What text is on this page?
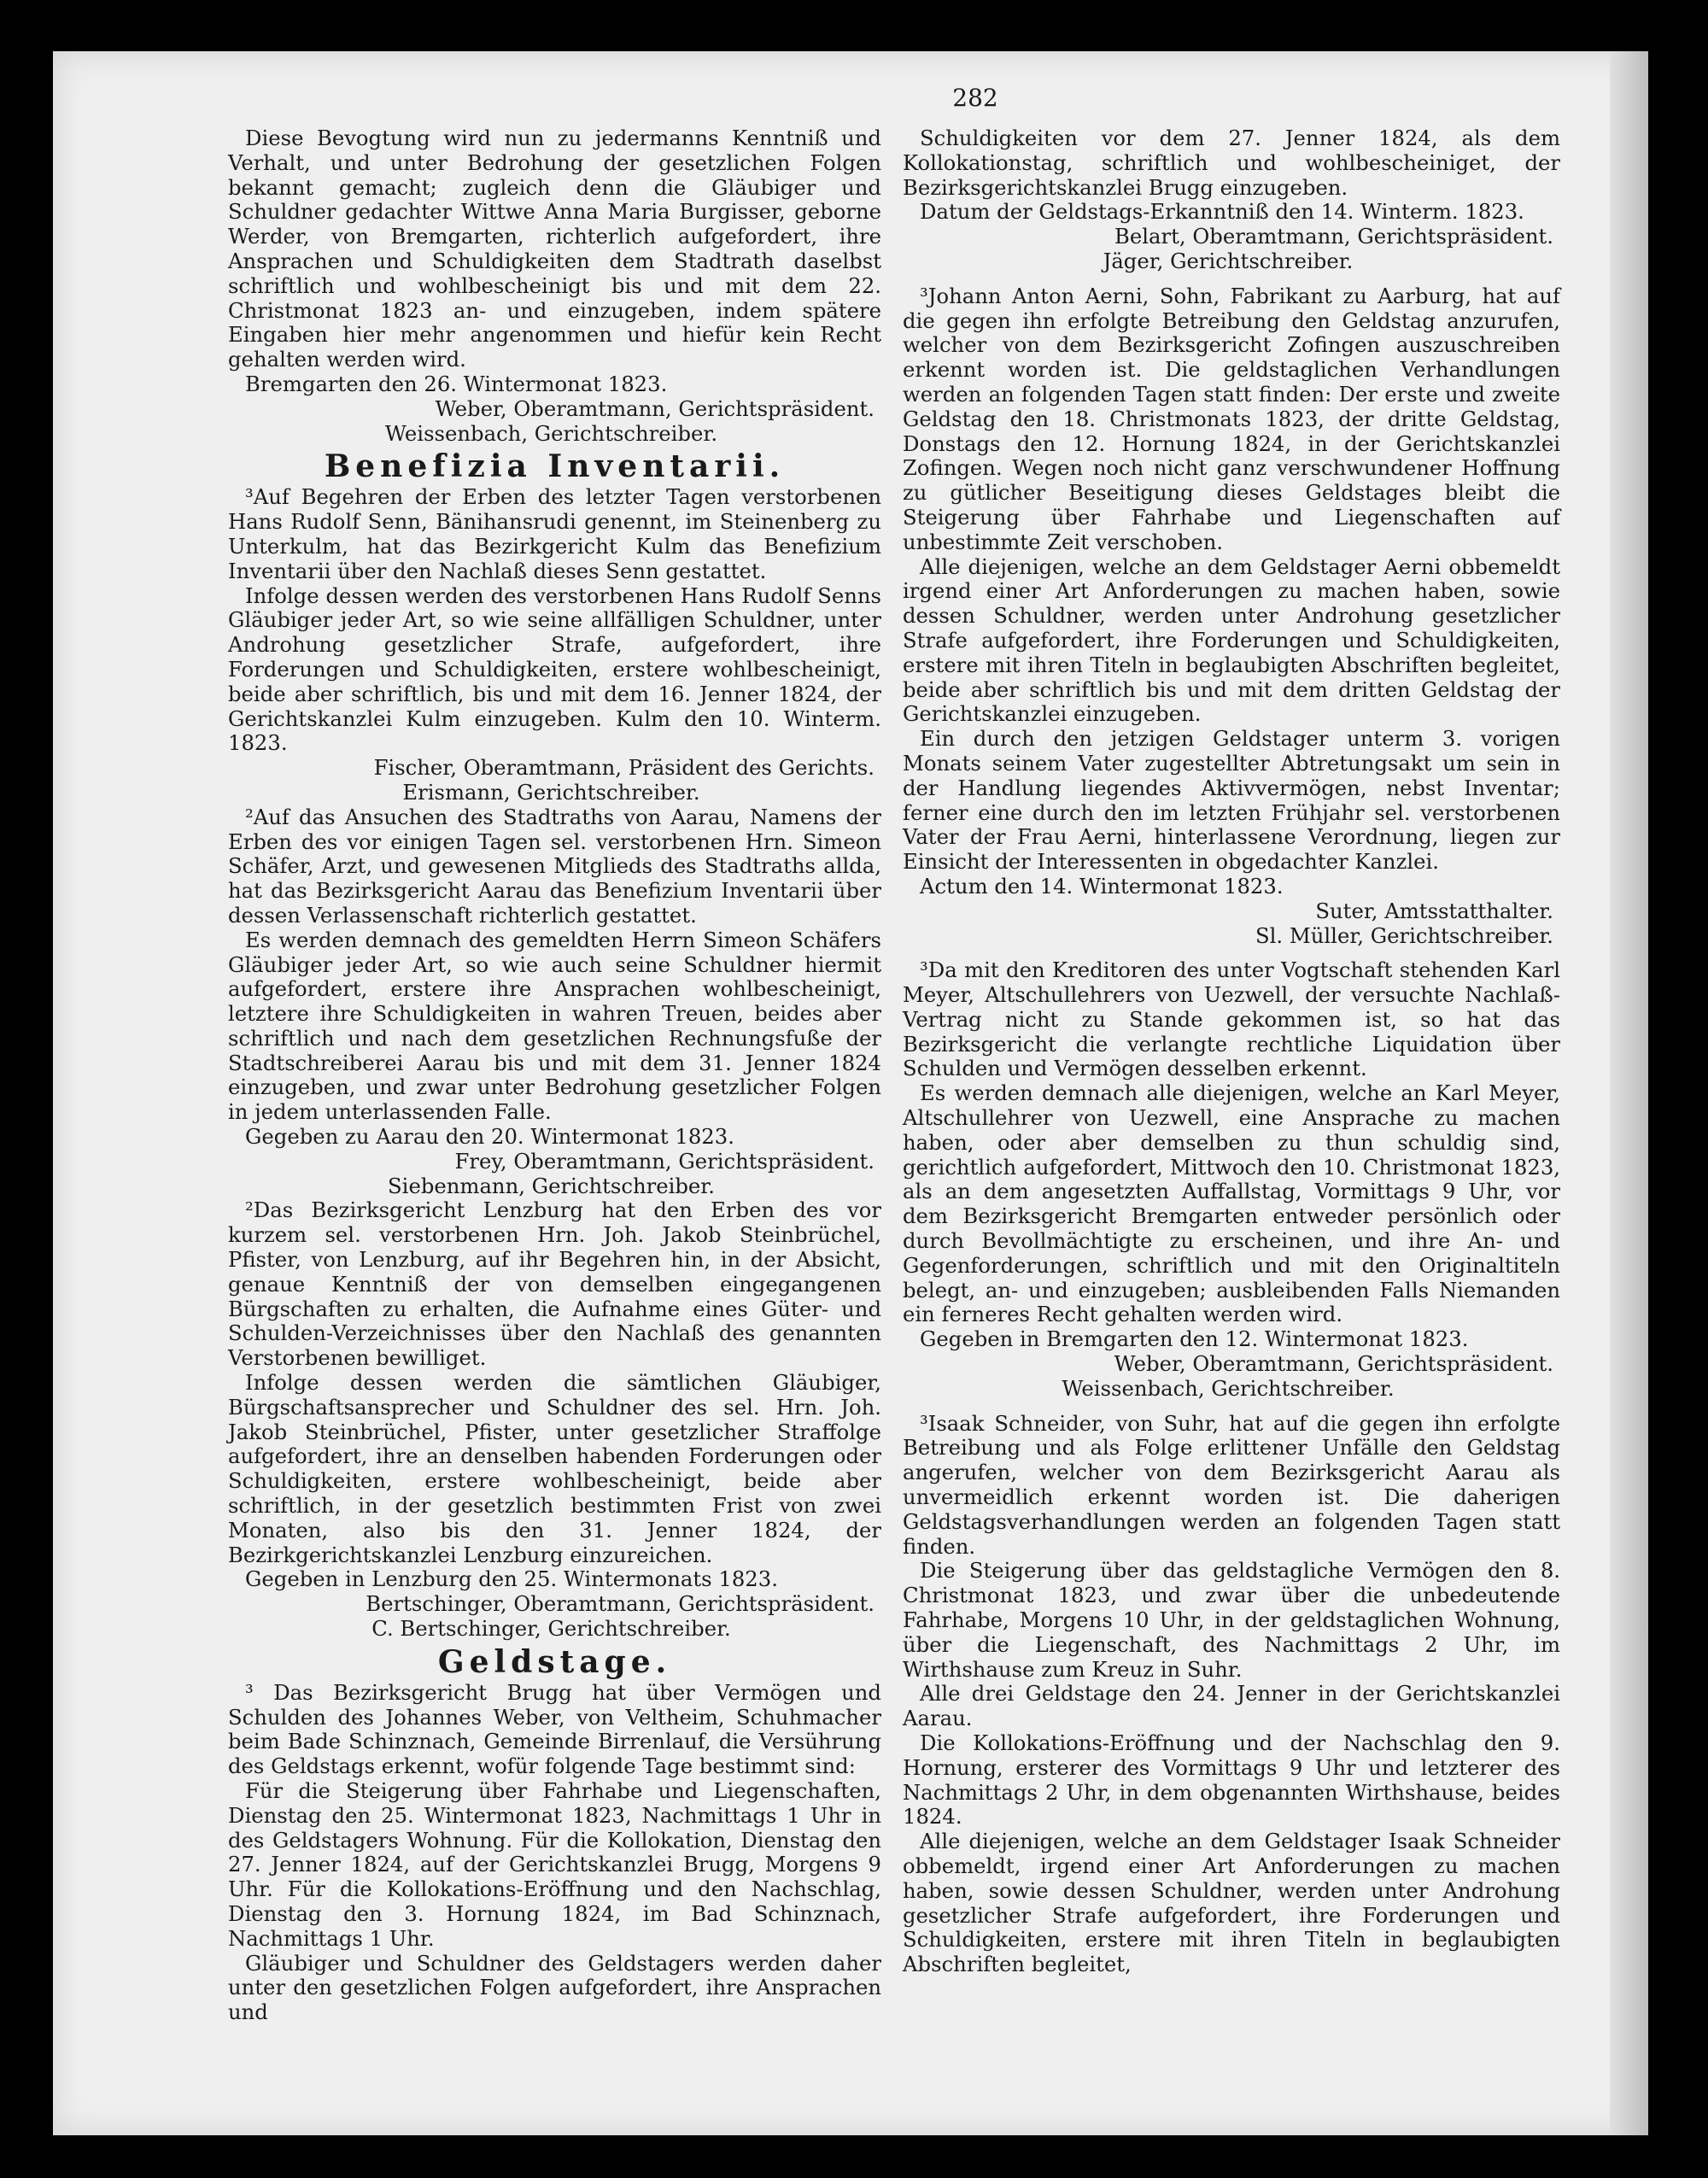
282

Diese Bevogtung wird nun zu jedermanns Kenntniß und Verhalt, und unter Bedrohung der gesetzlichen Folgen bekannt gemacht; zugleich denn die Gläubiger und Schuldner gedachter Wittwe Anna Maria Burgisser, geborne Werder, von Bremgarten, richterlich aufgefordert, ihre Ansprachen und Schuldigkeiten dem Stadtrath daselbst schriftlich und wohlbescheinigt bis und mit dem 22. Christmonat 1823 an- und einzugeben, indem spätere Eingaben hier mehr angenommen und hiefür kein Recht gehalten werden wird.

Bremgarten den 26. Wintermonat 1823.

Weber, Oberamtmann, Gerichtspräsident.

Weissenbach, Gerichtschreiber.

Benefizia Inventarii.

³Auf Begehren der Erben des letzter Tagen verstorbenen Hans Rudolf Senn, Bänihansrudi genennt, im Steinenberg zu Unterkulm, hat das Bezirkgericht Kulm das Benefizium Inventarii über den Nachlaß dieses Senn gestattet.

Infolge dessen werden des verstorbenen Hans Rudolf Senns Gläubiger jeder Art, so wie seine allfälligen Schuldner, unter Androhung gesetzlicher Strafe, aufgefordert, ihre Forderungen und Schuldigkeiten, erstere wohlbescheinigt, beide aber schriftlich, bis und mit dem 16. Jenner 1824, der Gerichtskanzlei Kulm einzugeben. Kulm den 10. Winterm. 1823.

Fischer, Oberamtmann, Präsident des Gerichts.

Erismann, Gerichtschreiber.

²Auf das Ansuchen des Stadtraths von Aarau, Namens der Erben des vor einigen Tagen sel. verstorbenen Hrn. Simeon Schäfer, Arzt, und gewesenen Mitglieds des Stadtraths allda, hat das Bezirksgericht Aarau das Benefizium Inventarii über dessen Verlassenschaft richterlich gestattet.

Es werden demnach des gemeldten Herrn Simeon Schäfers Gläubiger jeder Art, so wie auch seine Schuldner hiermit aufgefordert, erstere ihre Ansprachen wohlbescheinigt, letztere ihre Schuldigkeiten in wahren Treuen, beides aber schriftlich und nach dem gesetzlichen Rechnungsfuße der Stadtschreiberei Aarau bis und mit dem 31. Jenner 1824 einzugeben, und zwar unter Bedrohung gesetzlicher Folgen in jedem unterlassenden Falle.

Gegeben zu Aarau den 20. Wintermonat 1823.

Frey, Oberamtmann, Gerichtspräsident.

Siebenmann, Gerichtschreiber.

²Das Bezirksgericht Lenzburg hat den Erben des vor kurzem sel. verstorbenen Hrn. Joh. Jakob Steinbrüchel, Pfister, von Lenzburg, auf ihr Begehren hin, in der Absicht, genaue Kenntniß der von demselben eingegangenen Bürgschaften zu erhalten, die Aufnahme eines Güter- und Schulden-Verzeichnisses über den Nachlaß des genannten Verstorbenen bewilliget.

Infolge dessen werden die sämtlichen Gläubiger, Bürgschaftsansprecher und Schuldner des sel. Hrn. Joh. Jakob Steinbrüchel, Pfister, unter gesetzlicher Straffolge aufgefordert, ihre an denselben habenden Forderungen oder Schuldigkeiten, erstere wohlbescheinigt, beide aber schriftlich, in der gesetzlich bestimmten Frist von zwei Monaten, also bis den 31. Jenner 1824, der Bezirkgerichtskanzlei Lenzburg einzureichen.

Gegeben in Lenzburg den 25. Wintermonats 1823.

Bertschinger, Oberamtmann, Gerichtspräsident.

C. Bertschinger, Gerichtschreiber.

Geldstage.

³ Das Bezirksgericht Brugg hat über Vermögen und Schulden des Johannes Weber, von Veltheim, Schuhmacher beim Bade Schinznach, Gemeinde Birrenlauf, die Versührung des Geldstags erkennt, wofür folgende Tage bestimmt sind:

Für die Steigerung über Fahrhabe und Liegenschaften, Dienstag den 25. Wintermonat 1823, Nachmittags 1 Uhr in des Geldstagers Wohnung. Für die Kollokation, Dienstag den 27. Jenner 1824, auf der Gerichtskanzlei Brugg, Morgens 9 Uhr. Für die Kollokations-Eröffnung und den Nachschlag, Dienstag den 3. Hornung 1824, im Bad Schinznach, Nachmittags 1 Uhr.

Gläubiger und Schuldner des Geldstagers werden daher unter den gesetzlichen Folgen aufgefordert, ihre Ansprachen und

Schuldigkeiten vor dem 27. Jenner 1824, als dem Kollokationstag, schriftlich und wohlbescheiniget, der Bezirksgerichtskanzlei Brugg einzugeben.

Datum der Geldstags-Erkanntniß den 14. Winterm. 1823.

Belart, Oberamtmann, Gerichtspräsident.

Jäger, Gerichtschreiber.

³Johann Anton Aerni, Sohn, Fabrikant zu Aarburg, hat auf die gegen ihn erfolgte Betreibung den Geldstag anzurufen, welcher von dem Bezirksgericht Zofingen auszuschreiben erkennt worden ist. Die geldstaglichen Verhandlungen werden an folgenden Tagen statt finden: Der erste und zweite Geldstag den 18. Christmonats 1823, der dritte Geldstag, Donstags den 12. Hornung 1824, in der Gerichtskanzlei Zofingen. Wegen noch nicht ganz verschwundener Hoffnung zu gütlicher Beseitigung dieses Geldstages bleibt die Steigerung über Fahrhabe und Liegenschaften auf unbestimmte Zeit verschoben.

Alle diejenigen, welche an dem Geldstager Aerni obbemeldt irgend einer Art Anforderungen zu machen haben, sowie dessen Schuldner, werden unter Androhung gesetzlicher Strafe aufgefordert, ihre Forderungen und Schuldigkeiten, erstere mit ihren Titeln in beglaubigten Abschriften begleitet, beide aber schriftlich bis und mit dem dritten Geldstag der Gerichtskanzlei einzugeben.

Ein durch den jetzigen Geldstager unterm 3. vorigen Monats seinem Vater zugestellter Abtretungsakt um sein in der Handlung liegendes Aktivvermögen, nebst Inventar; ferner eine durch den im letzten Frühjahr sel. verstorbenen Vater der Frau Aerni, hinterlassene Verordnung, liegen zur Einsicht der Interessenten in obgedachter Kanzlei.

Actum den 14. Wintermonat 1823.

Suter, Amtsstatthalter.

Sl. Müller, Gerichtschreiber.

³Da mit den Kreditoren des unter Vogtschaft stehenden Karl Meyer, Altschullehrers von Uezwell, der versuchte Nachlaß-Vertrag nicht zu Stande gekommen ist, so hat das Bezirksgericht die verlangte rechtliche Liquidation über Schulden und Vermögen desselben erkennt.

Es werden demnach alle diejenigen, welche an Karl Meyer, Altschullehrer von Uezwell, eine Ansprache zu machen haben, oder aber demselben zu thun schuldig sind, gerichtlich aufgefordert, Mittwoch den 10. Christmonat 1823, als an dem angesetzten Auffallstag, Vormittags 9 Uhr, vor dem Bezirksgericht Bremgarten entweder persönlich oder durch Bevollmächtigte zu erscheinen, und ihre An- und Gegenforderungen, schriftlich und mit den Originaltiteln belegt, an- und einzugeben; ausbleibenden Falls Niemanden ein ferneres Recht gehalten werden wird.

Gegeben in Bremgarten den 12. Wintermonat 1823.

Weber, Oberamtmann, Gerichtspräsident.

Weissenbach, Gerichtschreiber.

³Isaak Schneider, von Suhr, hat auf die gegen ihn erfolgte Betreibung und als Folge erlittener Unfälle den Geldstag angerufen, welcher von dem Bezirksgericht Aarau als unvermeidlich erkennt worden ist. Die daherigen Geldstagsverhandlungen werden an folgenden Tagen statt finden.

Die Steigerung über das geldstagliche Vermögen den 8. Christmonat 1823, und zwar über die unbedeutende Fahrhabe, Morgens 10 Uhr, in der geldstaglichen Wohnung, über die Liegenschaft, des Nachmittags 2 Uhr, im Wirthshause zum Kreuz in Suhr.

Alle drei Geldstage den 24. Jenner in der Gerichtskanzlei Aarau.

Die Kollokations-Eröffnung und der Nachschlag den 9. Hornung, ersterer des Vormittags 9 Uhr und letzterer des Nachmittags 2 Uhr, in dem obgenannten Wirthshause, beides 1824.

Alle diejenigen, welche an dem Geldstager Isaak Schneider obbemeldt, irgend einer Art Anforderungen zu machen haben, sowie dessen Schuldner, werden unter Androhung gesetzlicher Strafe aufgefordert, ihre Forderungen und Schuldigkeiten, erstere mit ihren Titeln in beglaubigten Abschriften begleitet,
